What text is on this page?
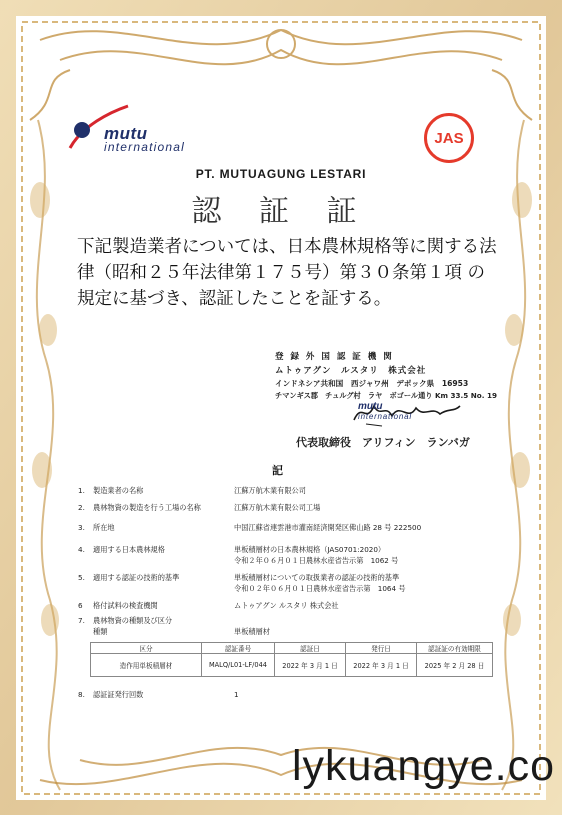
mutu
international
JAS
PT. MUTUAGUNG LESTARI
認 証 証
下記製造業者については、日本農林規格等に関する法律（昭和２５年法律第１７５号）第３０条第１項 の規定に基づき、認証したことを証する。
登 録 外 国 認 証 機 関
ムトゥアグン　ルスタリ　株式会社
インドネシア共和国　西ジャワ州　デポック県　16953
チマンギス郡　チュルグ村　ラヤ　ボゴール通り Km 33.5 No. 19
mutu
international
代表取締役　アリフィン　ランバガ
記
1.	製造業者の名称	江蘇万航木業有限公司
2.	農林物資の製造を行う工場の名称	江蘇万航木業有限公司工場
3.	所在地	中国江蘇省連雲港市灌南経済開発区佛山路 28 号 222500
4.	適用する日本農林規格	単板積層材の日本農林規格（JAS0701:2020）
令和２年０６月０１日農林水産省告示第　1062 号
5.	適用する認証の技術的基準	単板積層材についての取扱業者の認証の技術的基準
令和０２年０６月０１日農林水産省告示第　1064 号
6	格付試料の検査機関	ムトゥアグン ルスタリ 株式会社
7.	農林物資の種類及び区分
種類	単板積層材
区分	認証番号	認証日	発行日	認証証の有効期限
造作用単板積層材	MALQ/L01-LF/044	2022 年 3 月 1 日	2022 年 3 月 1 日	2025 年 2 月 28 日
8.	認証証発行回数	1
lykuangye.co
